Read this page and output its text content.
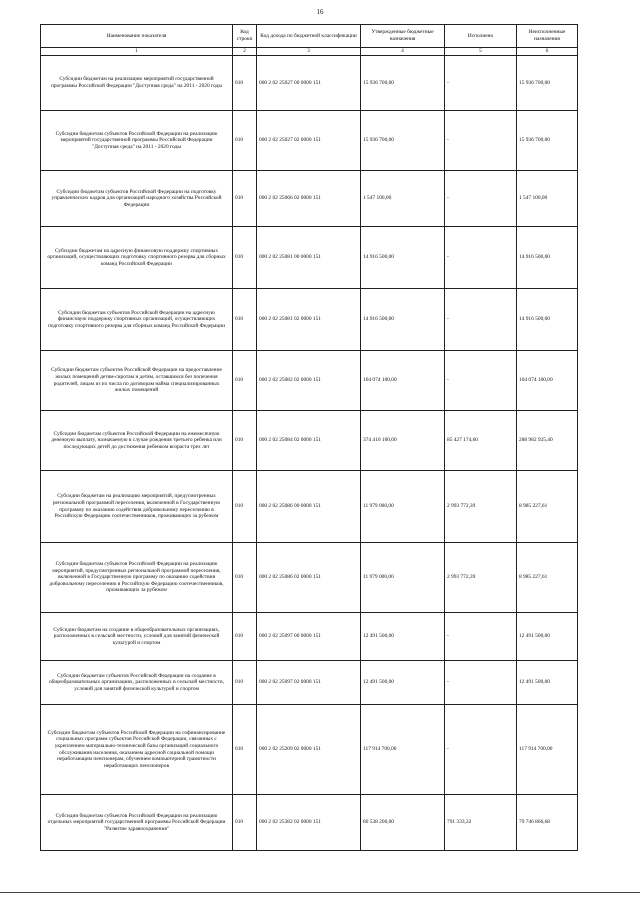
16
Наименование показателя	Код строки	Код дохода по бюджетной классификации	Утвержденные бюджетные назначения	Исполнено	Неисполненные назначения
1	2	3	4	5	6
Субсидии бюджетам на реализацию мероприятий государственной программы Российской Федерации "Доступная среда" на 2011 - 2020 годы	010	000 2 02 25027 00 0000 151	15 936 700,00	-	15 936 700,00
Субсидии бюджетам субъектов Российской Федерации на реализацию мероприятий государственной программы Российской Федерации "Доступная среда" на 2011 - 2020 годы	010	000 2 02 25027 02 0000 151	15 936 700,00	-	15 936 700,00
Субсидии бюджетам субъектов Российской Федерации на подготовку управленческих кадров для организаций народного хозяйства Российской Федерации	010	000 2 02 25066 02 0000 151	1 547 100,00	-	1 547 100,00
Субсидии бюджетам на адресную финансовую поддержку спортивных организаций, осуществляющих подготовку спортивного резерва для сборных команд Российской Федерации	010	000 2 02 25081 00 0000 151	14 916 500,00	-	14 916 500,00
Субсидии бюджетам субъектов Российской Федерации на адресную финансовую поддержку спортивных организаций, осуществляющих подготовку спортивного резерва для сборных команд Российской Федерации	010	000 2 02 25081 02 0000 151	14 916 500,00	-	14 916 500,00
Субсидии бюджетам субъектов Российской Федерации на предоставление жилых помещений детям-сиротам и детям, оставшимся без попечения родителей, лицам из их числа по договорам найма специализированных жилых помещений	010	000 2 02 25082 02 0000 151	104 074 100,00	-	104 074 100,00
Субсидии бюджетам субъектов Российской Федерации на ежемесячную денежную выплату, назначаемую в случае рождения третьего ребенка или последующих детей до достижения ребенком возраста трех лет	010	000 2 02 25084 02 0000 151	374 410 100,00	85 427 174,60	288 982 925,40
Субсидии бюджетам на реализацию мероприятий, предусмотренных региональной программой переселения, включенной в Государственную программу по оказанию содействия добровольному переселению в Российскую Федерацию соотечественников, проживающих за рубежом	010	000 2 02 25086 00 0000 151	11 979 000,00	2 993 772,39	8 985 227,61
Субсидии бюджетам субъектов Российской Федерации на реализацию мероприятий, предусмотренных региональной программой переселения, включенной в Государственную программу по оказанию содействия добровольному переселению в Российскую Федерацию соотечественников, проживающих за рубежом	010	000 2 02 25086 02 0000 151	11 979 000,00	2 993 772,39	8 985 227,61
Субсидии бюджетам на создание в общеобразовательных организациях, расположенных в сельской местности, условий для занятий физической культурой и спортом	010	000 2 02 25097 00 0000 151	12 491 500,00	-	12 491 500,00
Субсидии бюджетам субъектов Российской Федерации на создание в общеобразовательных организациях, расположенных в сельской местности, условий для занятий физической культурой и спортом	010	000 2 02 25097 02 0000 151	12 491 500,00	-	12 491 500,00
Субсидии бюджетам субъектов Российской Федерации на софинансирование социальных программ субъектов Российской Федерации, связанных с укреплением материально-технической базы организаций социального обслуживания населения, оказанием адресной социальной помощи неработающим пенсионерам, обучением компьютерной грамотности неработающих пенсионеров	010	000 2 02 25209 02 0000 151	117 914 700,00	-	117 914 700,00
Субсидии бюджетам субъектов Российской Федерации на реализацию отдельных мероприятий государственной программы Российской Федерации "Развитие здравоохранения"	010	000 2 02 25382 02 0000 151	80 538 200,00	791 333,32	79 746 866,68
